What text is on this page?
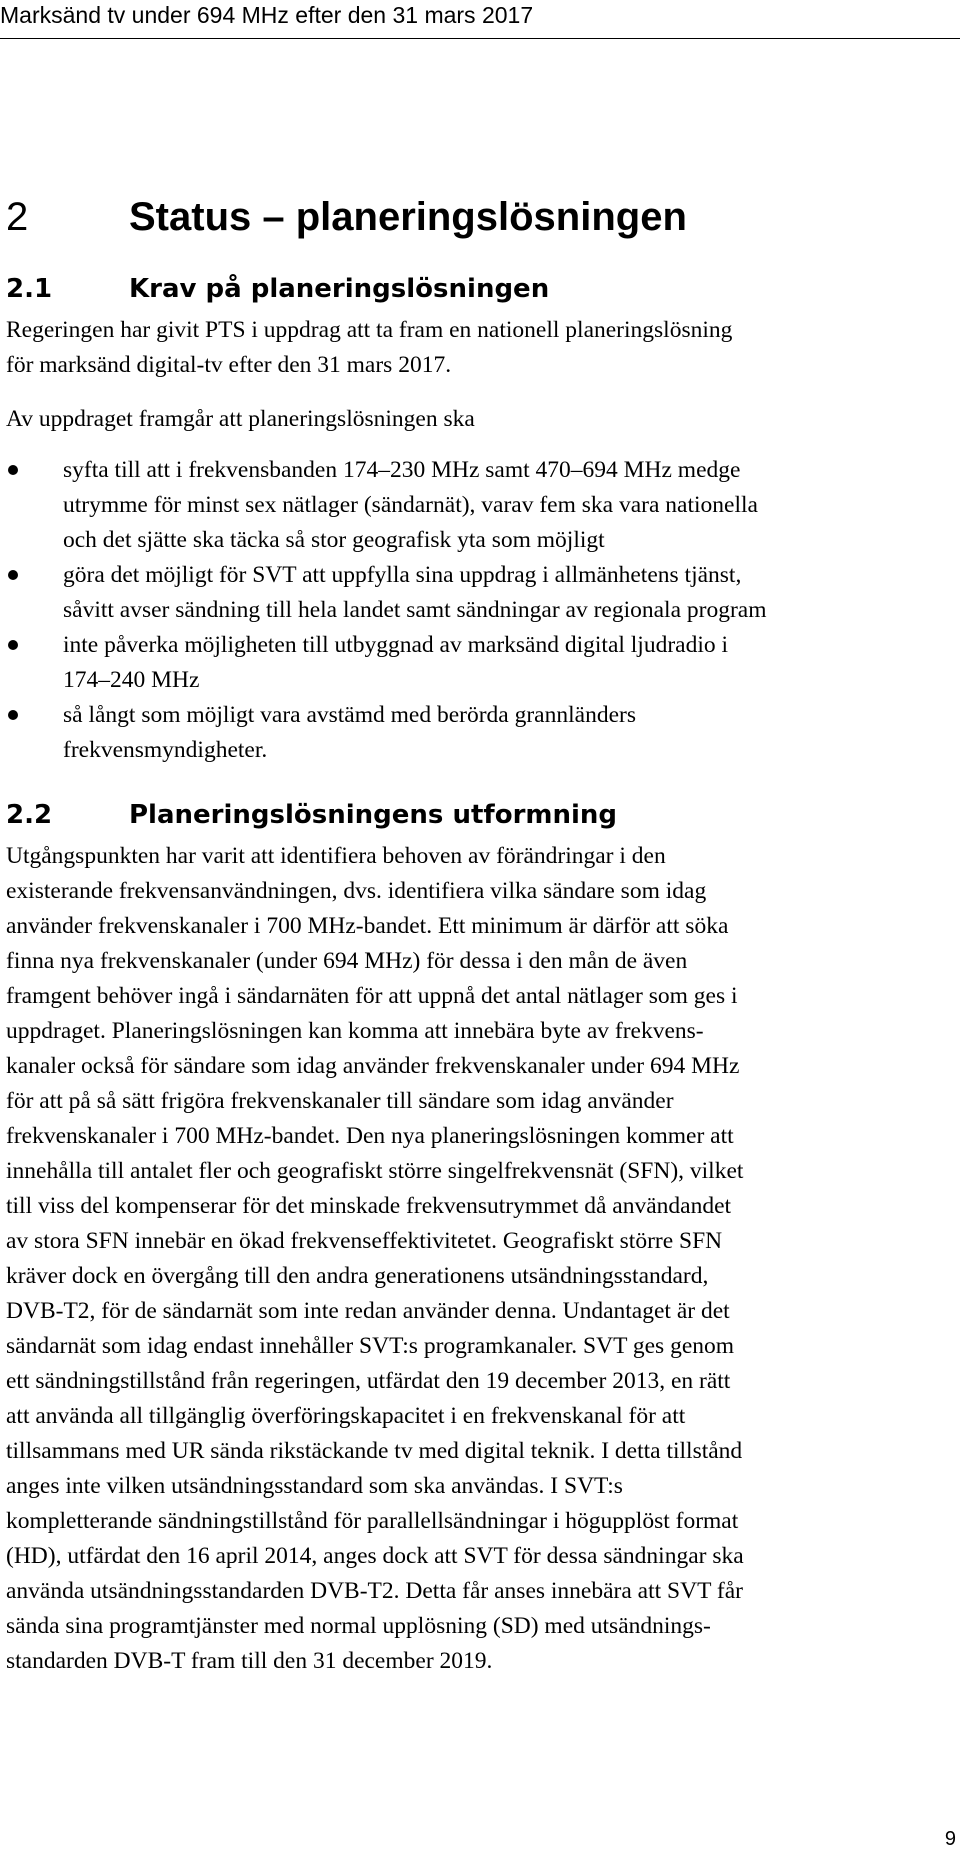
Marksänd tv under 694 MHz efter den 31 mars 2017
2	Status – planeringslösningen
2.1	Krav på planeringslösningen

Regeringen har givit PTS i uppdrag att ta fram en nationell planeringslösning
för marksänd digital-tv efter den 31 mars 2017.

Av uppdraget framgår att planeringslösningen ska

syfta till att i frekvensbanden 174–230 MHz samt 470–694 MHz medge
utrymme för minst sex nätlager (sändarnät), varav fem ska vara nationella
och det sjätte ska täcka så stor geografisk yta som möjligt
göra det möjligt för SVT att uppfylla sina uppdrag i allmänhetens tjänst,
såvitt avser sändning till hela landet samt sändningar av regionala program
inte påverka möjligheten till utbyggnad av marksänd digital ljudradio i
174–240 MHz
så långt som möjligt vara avstämd med berörda grannländers
frekvensmyndigheter.
2.2	Planeringslösningens utformning

Utgångspunkten har varit att identifiera behoven av förändringar i den
existerande frekvensanvändningen, dvs. identifiera vilka sändare som idag
använder frekvenskanaler i 700 MHz-bandet. Ett minimum är därför att söka
finna nya frekvenskanaler (under 694 MHz) för dessa i den mån de även
framgent behöver ingå i sändarnäten för att uppnå det antal nätlager som ges i
uppdraget. Planeringslösningen kan komma att innebära byte av frekvens-
kanaler också för sändare som idag använder frekvenskanaler under 694 MHz
för att på så sätt frigöra frekvenskanaler till sändare som idag använder
frekvenskanaler i 700 MHz-bandet. Den nya planeringslösningen kommer att
innehålla till antalet fler och geografiskt större singelfrekvensnät (SFN), vilket
till viss del kompenserar för det minskade frekvensutrymmet då användandet
av stora SFN innebär en ökad frekvenseffektivitetet. Geografiskt större SFN
kräver dock en övergång till den andra generationens utsändningsstandard,
DVB-T2, för de sändarnät som inte redan använder denna. Undantaget är det
sändarnät som idag endast innehåller SVT:s programkanaler. SVT ges genom
ett sändningstillstånd från regeringen, utfärdat den 19 december 2013, en rätt
att använda all tillgänglig överföringskapacitet i en frekvenskanal för att
tillsammans med UR sända rikstäckande tv med digital teknik. I detta tillstånd
anges inte vilken utsändningsstandard som ska användas. I SVT:s
kompletterande sändningstillstånd för parallellsändningar i högupplöst format
(HD), utfärdat den 16 april 2014, anges dock att SVT för dessa sändningar ska
använda utsändningsstandarden DVB-T2. Detta får anses innebära att SVT får
sända sina programtjänster med normal upplösning (SD) med utsändnings-
standarden DVB-T fram till den 31 december 2019.

9
